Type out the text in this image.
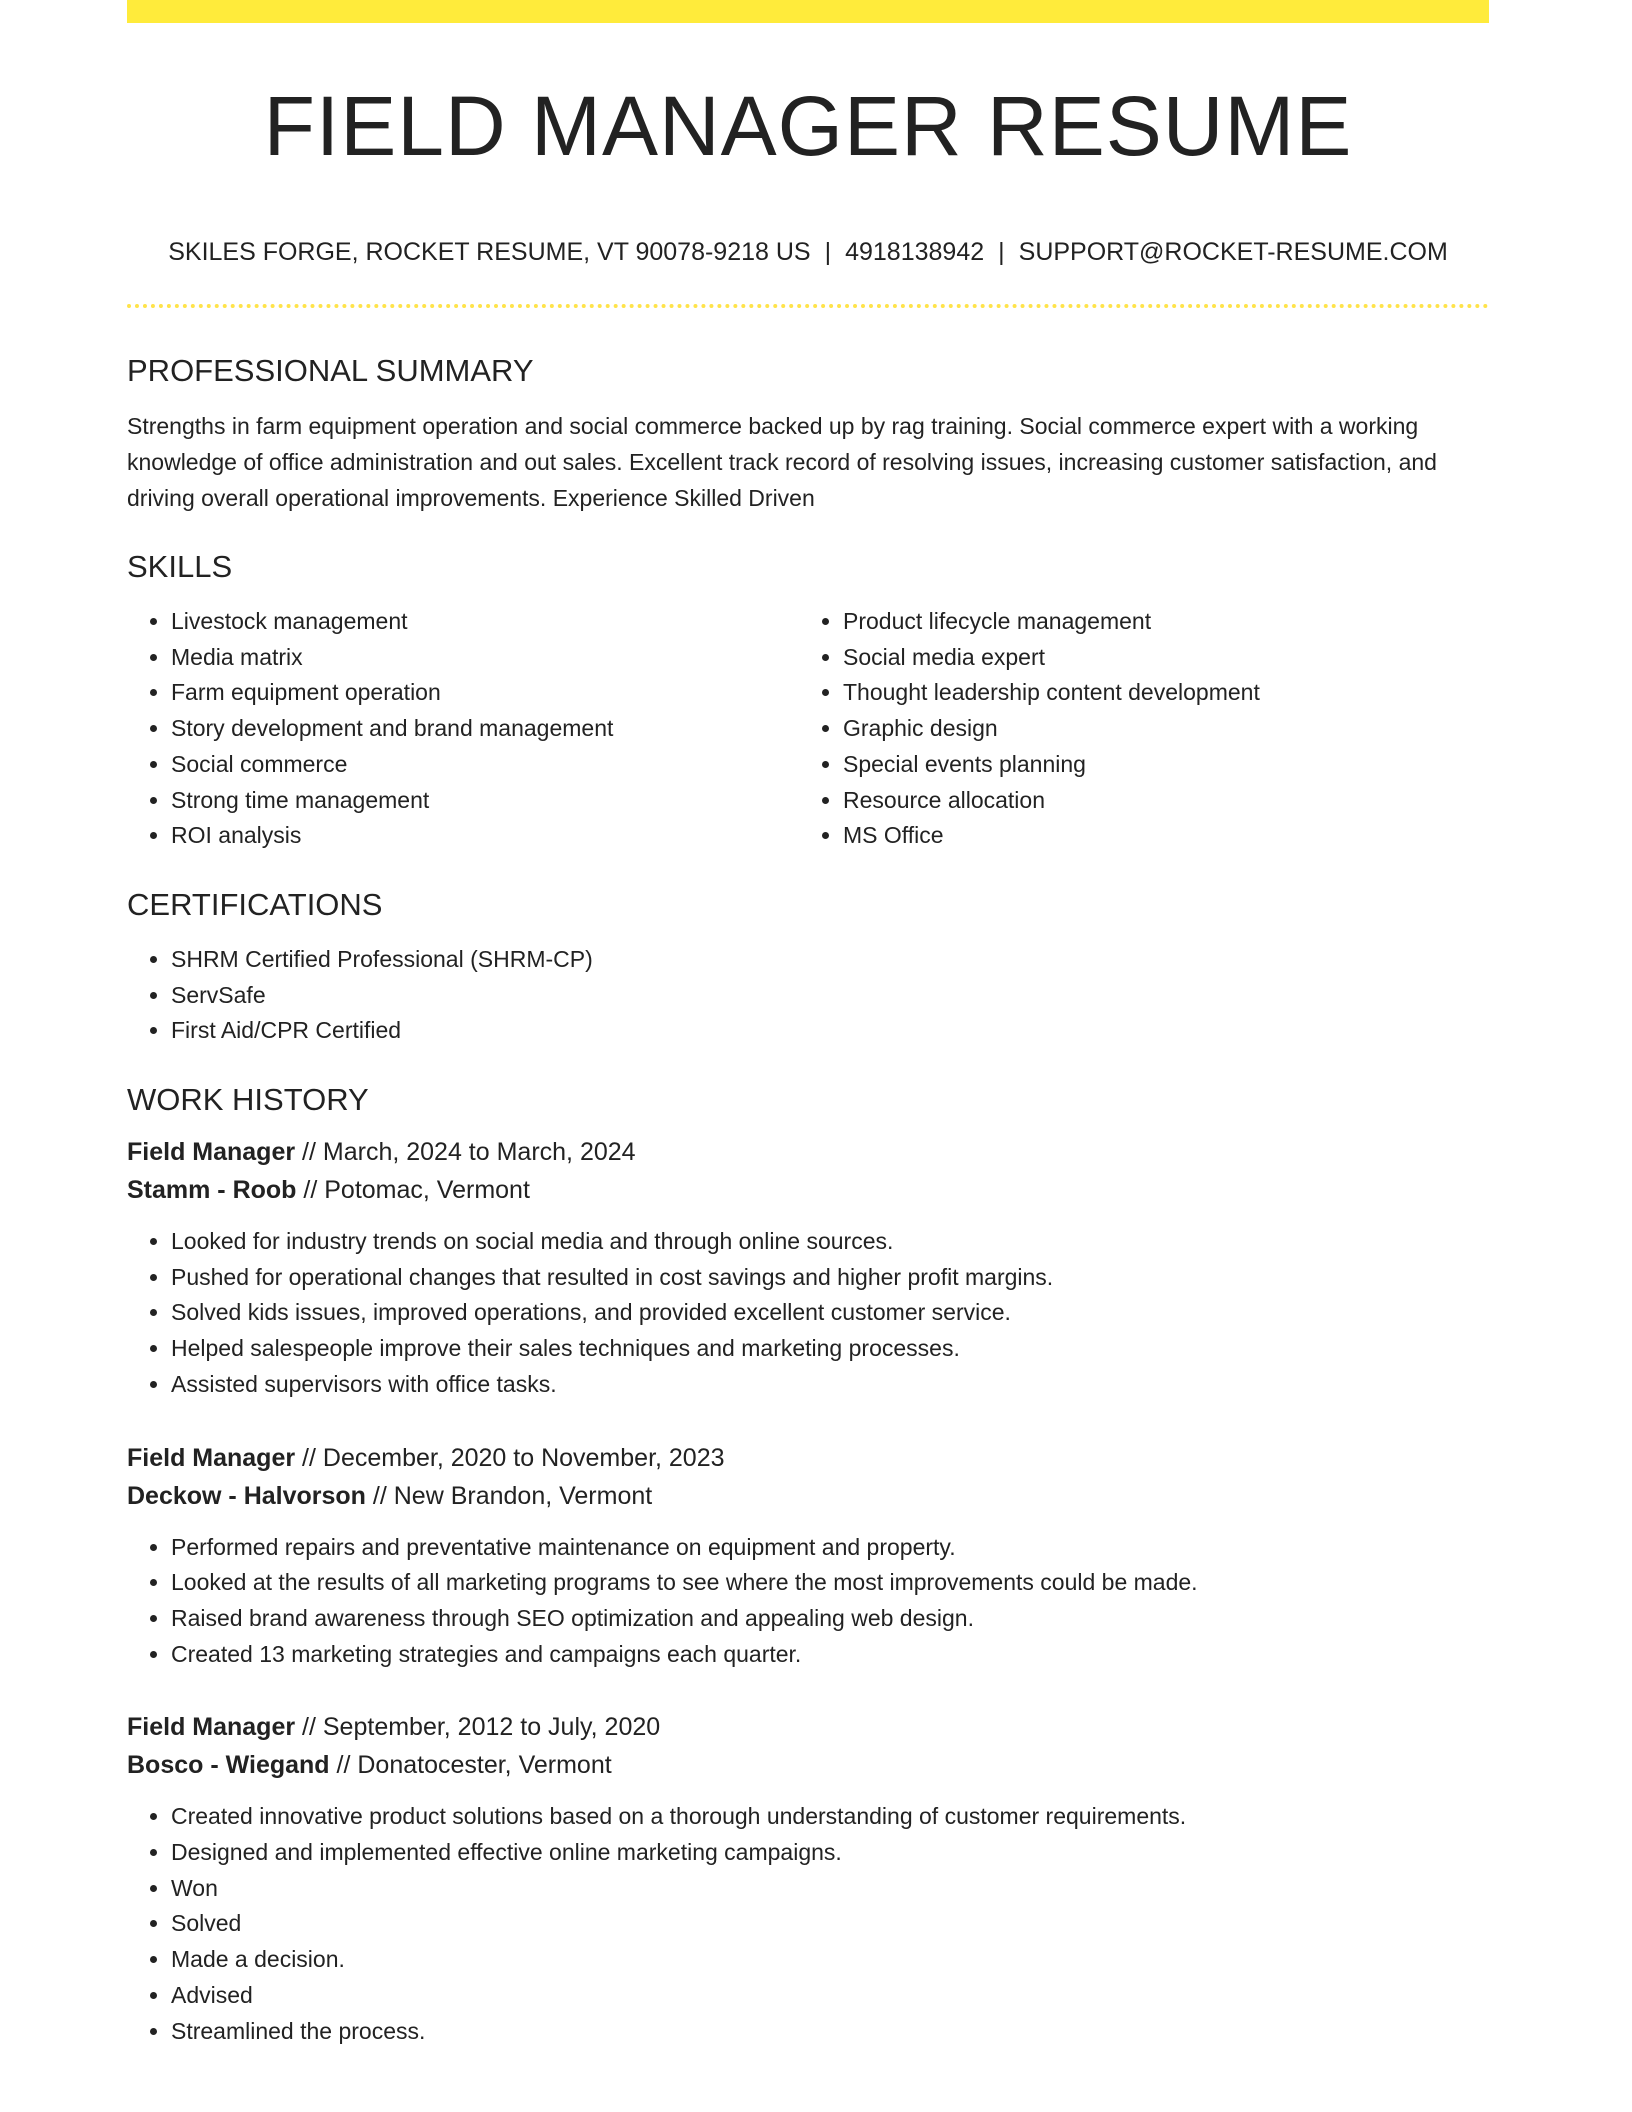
FIELD MANAGER RESUME
SKILES FORGE, ROCKET RESUME, VT 90078-9218 US | 4918138942 | SUPPORT@ROCKET-RESUME.COM
PROFESSIONAL SUMMARY

Strengths in farm equipment operation and social commerce backed up by rag training. Social commerce expert with a working knowledge of office administration and out sales. Excellent track record of resolving issues, increasing customer satisfaction, and driving overall operational improvements. Experience Skilled Driven

SKILLS
• Livestock management
• Media matrix
• Farm equipment operation
• Story development and brand management
• Social commerce
• Strong time management
• ROI analysis
• Product lifecycle management
• Social media expert
• Thought leadership content development
• Graphic design
• Special events planning
• Resource allocation
• MS Office
CERTIFICATIONS
• SHRM Certified Professional (SHRM-CP)
• ServSafe
• First Aid/CPR Certified
WORK HISTORY
Field Manager // March, 2024 to March, 2024
Stamm - Roob // Potomac, Vermont
• Looked for industry trends on social media and through online sources.
• Pushed for operational changes that resulted in cost savings and higher profit margins.
• Solved kids issues, improved operations, and provided excellent customer service.
• Helped salespeople improve their sales techniques and marketing processes.
• Assisted supervisors with office tasks.
Field Manager // December, 2020 to November, 2023
Deckow - Halvorson // New Brandon, Vermont
• Performed repairs and preventative maintenance on equipment and property.
• Looked at the results of all marketing programs to see where the most improvements could be made.
• Raised brand awareness through SEO optimization and appealing web design.
• Created 13 marketing strategies and campaigns each quarter.
Field Manager // September, 2012 to July, 2020
Bosco - Wiegand // Donatocester, Vermont
• Created innovative product solutions based on a thorough understanding of customer requirements.
• Designed and implemented effective online marketing campaigns.
• Won
• Solved
• Made a decision.
• Advised
• Streamlined the process.
